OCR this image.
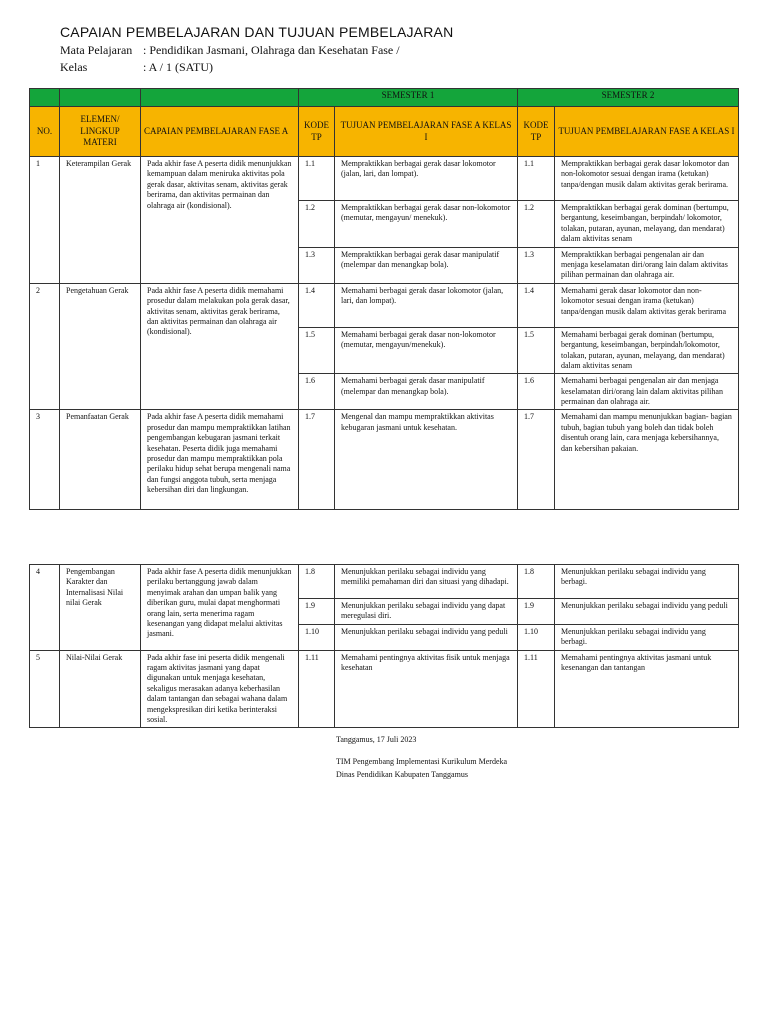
CAPAIAN PEMBELAJARAN DAN TUJUAN PEMBELAJARAN
Mata Pelajaran : Pendidikan Jasmani, Olahraga dan Kesehatan Fase /
Kelas	: A / 1 (SATU)
			SEMESTER 1		SEMESTER 2	
NO.	ELEMEN/ LINGKUP MATERI	CAPAIAN PEMBELAJARAN FASE A	KODE TP	TUJUAN PEMBELAJARAN FASE A KELAS I	KODE TP	TUJUAN PEMBELAJARAN FASE A KELAS I
1	Keterampilan Gerak	Pada akhir fase A peserta didik menunjukkan kemampuan dalam meniruka aktivitas pola gerak dasar, aktivitas senam, aktivitas gerak berirama, dan aktivitas permainan dan olahraga air (kondisional).	1.1	Mempraktikkan berbagai gerak dasar lokomotor (jalan, lari, dan lompat).	1.1	Mempraktikkan berbagai gerak dasar lokomotor dan non-lokomotor sesuai dengan irama (ketukan) tanpa/dengan musik dalam aktivitas gerak berirama.
			1.2	Mempraktikkan berbagai gerak dasar non-lokomotor (memutar, mengayun/ menekuk).	1.2	Mempraktikkan berbagai gerak dominan (bertumpu, bergantung, keseimbangan, berpindah/ lokomotor, tolakan, putaran, ayunan, melayang, dan mendarat) dalam aktivitas senam
			1.3	Mempraktikkan berbagai gerak dasar manipulatif (melempar dan menangkap bola).	1.3	Mempraktikkan berbagai pengenalan air dan menjaga keselamatan diri/orang lain dalam aktivitas pilihan permainan dan olahraga air.
2	Pengetahuan Gerak	Pada akhir fase A peserta didik memahami prosedur dalam melakukan pola gerak dasar, aktivitas senam, aktivitas gerak berirama, dan aktivitas permainan dan olahraga air (kondisional).	1.4	Memahami berbagai gerak dasar lokomotor (jalan, lari, dan lompat).	1.4	Memahami gerak dasar lokomotor dan non-lokomotor sesuai dengan irama (ketukan) tanpa/dengan musik dalam aktivitas gerak berirama
			1.5	Memahami berbagai gerak dasar non-lokomotor (memutar, mengayun/menekuk).	1.5	Memahami berbagai gerak dominan (bertumpu, bergantung, keseimbangan, berpindah/lokomotor, tolakan, putaran, ayunan, melayang, dan mendarat) dalam aktivitas senam
			1.6	Memahami berbagai gerak dasar manipulatif (melempar dan menangkap bola).	1.6	Memahami berbagai pengenalan air dan menjaga keselamatan diri/orang lain dalam aktivitas pilihan permainan dan olahraga air.
3	Pemanfaatan Gerak	Pada akhir fase A peserta didik memahami prosedur dan mampu mempraktikkan latihan pengembangan kebugaran jasmani terkait kesehatan. Peserta didik juga memahami prosedur dan mampu mempraktikkan pola perilaku hidup sehat berupa mengenali nama dan fungsi anggota tubuh, serta menjaga kebersihan diri dan lingkungan.	1.7	Mengenal dan mampu mempraktikkan aktivitas kebugaran jasmani untuk kesehatan.	1.7	Memahami dan mampu menunjukkan bagian- bagian tubuh, bagian tubuh yang boleh dan tidak boleh disentuh orang lain, cara menjaga kebersihannya, dan kebersihan pakaian.
4	Pengembangan Karakter dan Internalisasi Nilai nilai Gerak	Pada akhir fase A peserta didik menunjukkan perilaku bertanggung jawab dalam menyimak arahan dan umpan balik yang diberikan guru, mulai dapat menghormati orang lain, serta menerima ragam kesenangan yang didapat melalui aktivitas jasmani.	1.8	Menunjukkan perilaku sebagai individu yang memiliki pemahaman diri dan situasi yang dihadapi.	1.8	Menunjukkan perilaku sebagai individu yang berbagi.
			1.9	Menunjukkan perilaku sebagai individu yang dapat meregulasi diri.	1.9	Menunjukkan perilaku sebagai individu yang peduli
			1.10	Menunjukkan perilaku sebagai individu yang peduli	1.10	Menunjukkan perilaku sebagai individu yang berbagi.
5	Nilai-Nilai Gerak	Pada akhir fase ini peserta didik mengenali ragam aktivitas jasmani yang dapat digunakan untuk menjaga kesehatan, sekaligus merasakan adanya keberhasilan dalam tantangan dan sebagai wahana dalam mengekspresikan diri ketika berinteraksi sosial.	1.11	Memahami pentingnya aktivitas fisik untuk menjaga kesehatan	1.11	Memahami pentingnya aktivitas jasmani untuk kesenangan dan tantangan
Tanggamus, 17 Juli 2023
TIM Pengembang Implementasi Kurikulum Merdeka
Dinas Pendidikan Kabupaten Tanggamus
